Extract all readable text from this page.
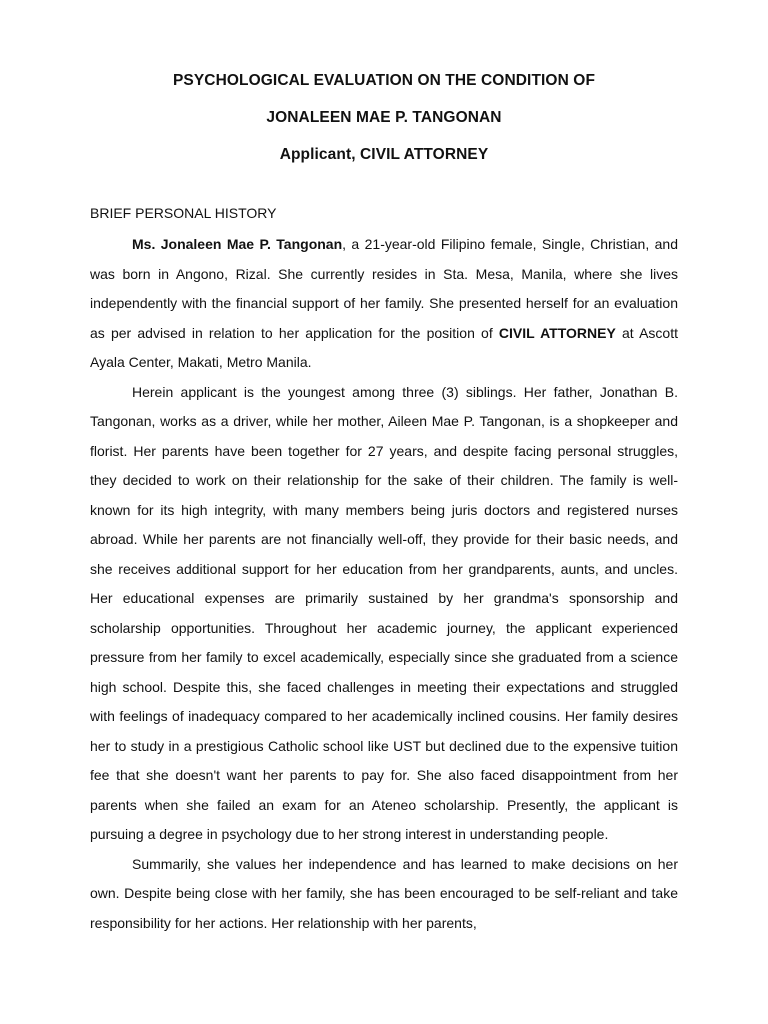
PSYCHOLOGICAL EVALUATION ON THE CONDITION OF

JONALEEN MAE P. TANGONAN

Applicant, CIVIL ATTORNEY

BRIEF PERSONAL HISTORY

Ms. Jonaleen Mae P. Tangonan, a 21-year-old Filipino female, Single, Christian, and was born in Angono, Rizal. She currently resides in Sta. Mesa, Manila, where she lives independently with the financial support of her family. She presented herself for an evaluation as per advised in relation to her application for the position of CIVIL ATTORNEY at Ascott Ayala Center, Makati, Metro Manila.

Herein applicant is the youngest among three (3) siblings. Her father, Jonathan B. Tangonan, works as a driver, while her mother, Aileen Mae P. Tangonan, is a shopkeeper and florist. Her parents have been together for 27 years, and despite facing personal struggles, they decided to work on their relationship for the sake of their children. The family is well-known for its high integrity, with many members being juris doctors and registered nurses abroad. While her parents are not financially well-off, they provide for their basic needs, and she receives additional support for her education from her grandparents, aunts, and uncles. Her educational expenses are primarily sustained by her grandma's sponsorship and scholarship opportunities. Throughout her academic journey, the applicant experienced pressure from her family to excel academically, especially since she graduated from a science high school. Despite this, she faced challenges in meeting their expectations and struggled with feelings of inadequacy compared to her academically inclined cousins. Her family desires her to study in a prestigious Catholic school like UST but declined due to the expensive tuition fee that she doesn't want her parents to pay for. She also faced disappointment from her parents when she failed an exam for an Ateneo scholarship. Presently, the applicant is pursuing a degree in psychology due to her strong interest in understanding people.

Summarily, she values her independence and has learned to make decisions on her own. Despite being close with her family, she has been encouraged to be self-reliant and take responsibility for her actions. Her relationship with her parents,
